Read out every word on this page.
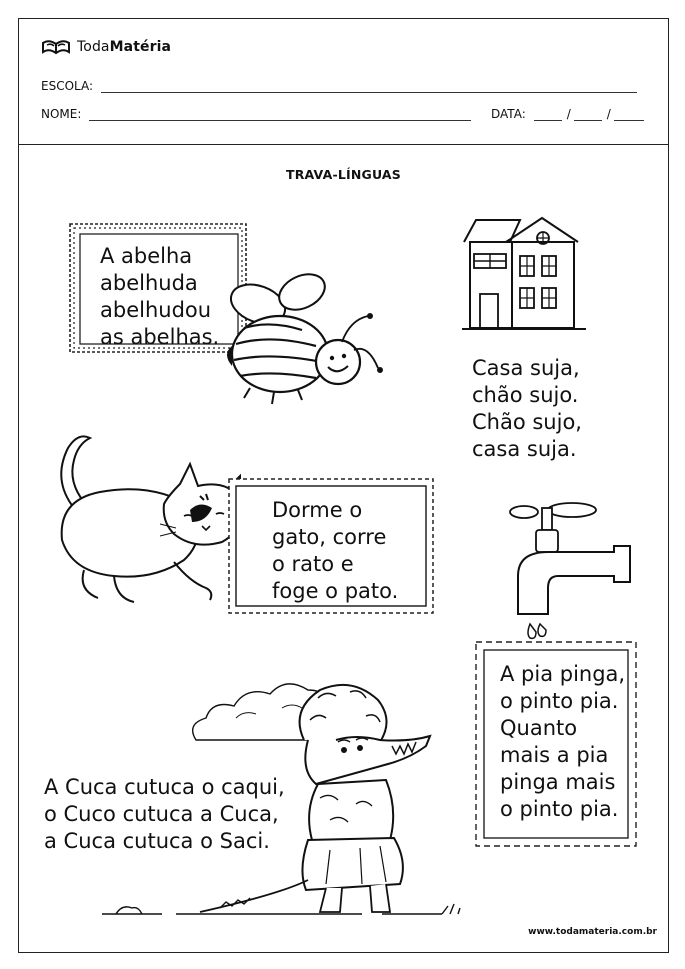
TodaMatéria
ESCOLA:
NOME:	DATA:	/	/
TRAVA-LÍNGUAS
A abelha
abelhuda
abelhudou
as abelhas.
Casa suja,
chão sujo.
Chão sujo,
casa suja.
Dorme o
gato, corre
o rato e
foge o pato.
A pia pinga,
o pinto pia.
Quanto
mais a pia
pinga mais
o pinto pia.
A Cuca cutuca o caqui,
o Cuco cutuca a Cuca,
a Cuca cutuca o Saci.
www.todamateria.com.br
